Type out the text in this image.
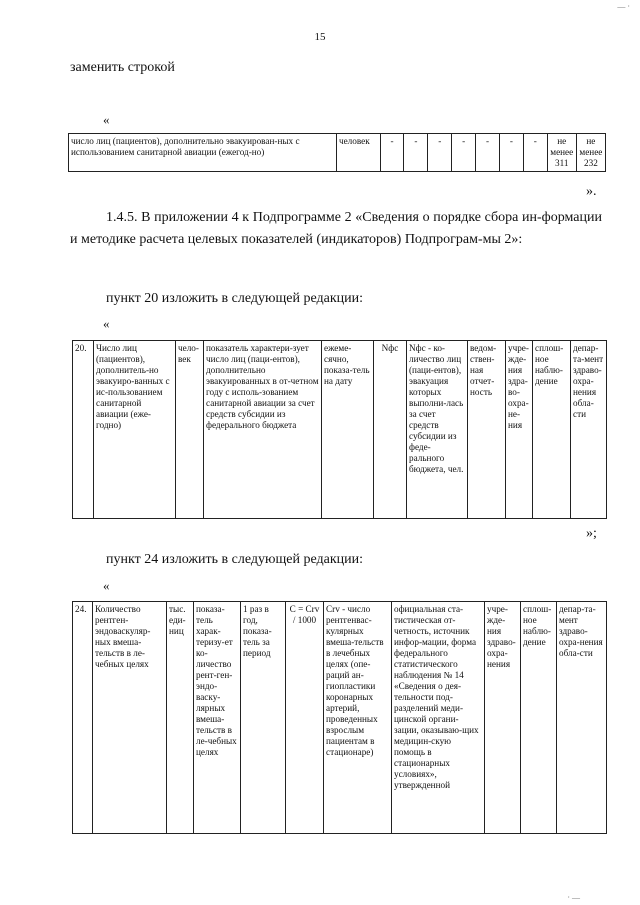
— ·
15
заменить строкой
«
число лиц (пациентов), дополнительно эвакуирован-ных с использованием санитарной авиации (ежегод-но)	человек	-	-	-	-	-	-	-	не менее 311	не менее 232
».
1.4.5. В приложении 4 к Подпрограмме 2 «Сведения о порядке сбора ин-формации и методике расчета целевых показателей (индикаторов) Подпрограм-мы 2»:
пункт 20 изложить в следующей редакции:
«
20.	Число лиц (пациентов), дополнитель-но эвакуиро-ванных с ис-пользованием санитарной авиации (еже-годно)	чело-век	показатель характери-зует число лиц (паци-ентов), дополнительно эвакуированных в от-четном году с исполь-зованием санитарной авиации за счет средств субсидии из федерального бюджета	ежеме-сячно, показа-тель на дату	Nфс	Nфс - ко-личество лиц (паци-ентов), эвакуация которых выполни-лась за счет средств субсидии из феде-рального бюджета, чел.	ведом-ствен-ная отчет-ность	учре-жде-ния здра-во-охра-не-ния	сплош-ное наблю-дение	депар-та-мент здраво-охра-нения обла-сти
»;
пункт 24 изложить в следующей редакции:
«
24.	Количество рентген-эндоваскуляр-ных вмеша-тельств в ле-чебных целях	тыс. еди-ниц	показа-тель харак-теризу-ет ко-личество рент-ген-эндо-васку-лярных вмеша-тельств в ле-чебных целях	1 раз в год, показа-тель за период	C = Crv / 1000	Crv - число рентгенвас-кулярных вмеша-тельств в лечебных целях (опе-раций ан-гиопластики коронарных артерий, проведенных взрослым пациентам в стационаре)	официальная ста-тистическая от-четность, источник инфор-мации, форма федерального статистического наблюдения № 14 «Сведения о дея-тельности под-разделений меди-цинской органи-зации, оказываю-щих медицин-скую помощь в стационарных условиях», утвержденной	учре-жде-ния здраво-охра-нения	сплош-ное наблю-дение	депар-та-мент здраво-охра-нения обла-сти
· —
